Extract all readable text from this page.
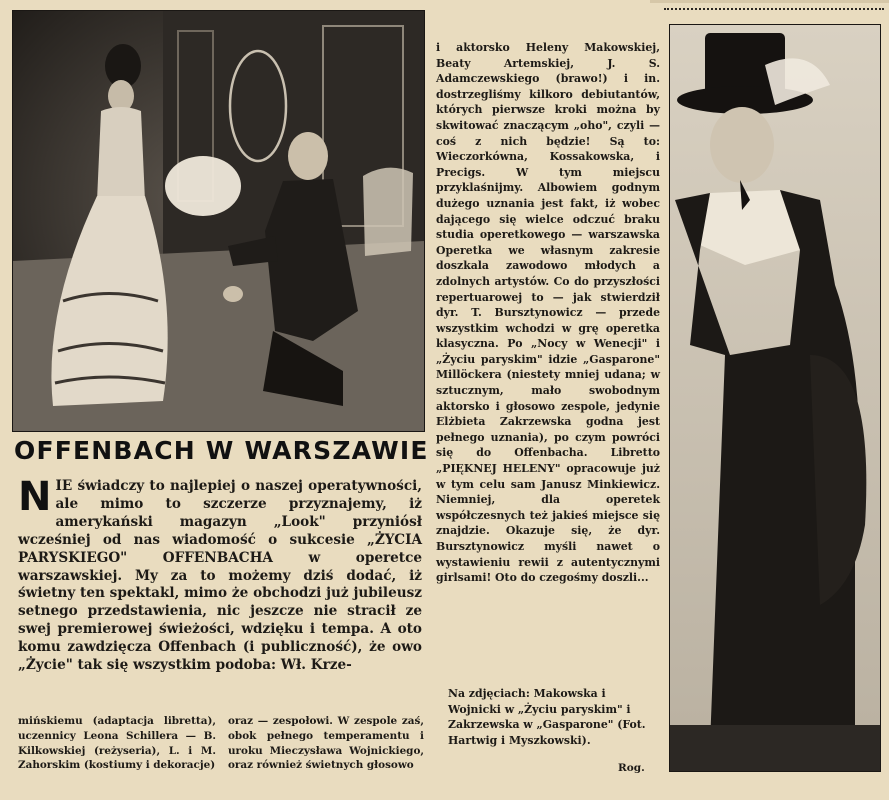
OFFENBACH W WARSZAWIE
NIE świadczy to najlepiej o naszej operatywności, ale mimo to szczerze przyznajemy, iż amerykański magazyn „Look" przyniósł wcześniej od nas wiadomość o sukcesie „ŻYCIA PARYSKIEGO" OFFENBACHA w operetce warszawskiej. My za to możemy dziś dodać, iż świetny ten spektakl, mimo że obchodzi już jubileusz setnego przedstawienia, nic jeszcze nie stracił ze swej premierowej świeżości, wdzięku i tempa. A oto komu zawdzięcza Offenbach (i publiczność), że owo „Życie" tak się wszystkim podoba: Wł. Krze-
mińskiemu (adaptacja libretta), uczennicy Leona Schillera — B. Kilkowskiej (reżyseria), L. i M. Zahorskim (kostiumy i dekoracje)
oraz — zespołowi. W zespole zaś, obok pełnego temperamentu i uroku Mieczysława Wojnickiego, oraz również świetnych głosowo
i aktorsko Heleny Makowskiej, Beaty Artemskiej, J. S. Adamczewskiego (brawo!) i in. dostrzegliśmy kilkoro debiutantów, których pierwsze kroki można by skwitować znaczącym „oho", czyli — coś z nich będzie! Są to: Wieczorkówna, Kossakowska, i Precigs. W tym miejscu przyklaśnijmy. Albowiem godnym dużego uznania jest fakt, iż wobec dającego się wielce odczuć braku studia operetkowego — warszawska Operetka we własnym zakresie doszkala zawodowo młodych a zdolnych artystów. Co do przyszłości repertuarowej to — jak stwierdził dyr. T. Bursztynowicz — przede wszystkim wchodzi w grę operetka klasyczna. Po „Nocy w Wenecji" i „Życiu paryskim" idzie „Gasparone" Millöckera (niestety mniej udana; w sztucznym, mało swobodnym aktorsko i głosowo zespole, jedynie Elżbieta Zakrzewska godna jest pełnego uznania), po czym powróci się do Offenbacha. Libretto „PIĘKNEJ HELENY" opracowuje już w tym celu sam Janusz Minkiewicz. Niemniej, dla operetek współczesnych też jakieś miejsce się znajdzie. Okazuje się, że dyr. Bursztynowicz myśli nawet o wystawieniu rewii z autentycznymi girlsami! Oto do czegośmy doszli...
Na zdjęciach: Makowska i Wojnicki w „Życiu paryskim" i Zakrzewska w „Gasparone" (Fot. Hartwig i Myszkowski).
Rog.
